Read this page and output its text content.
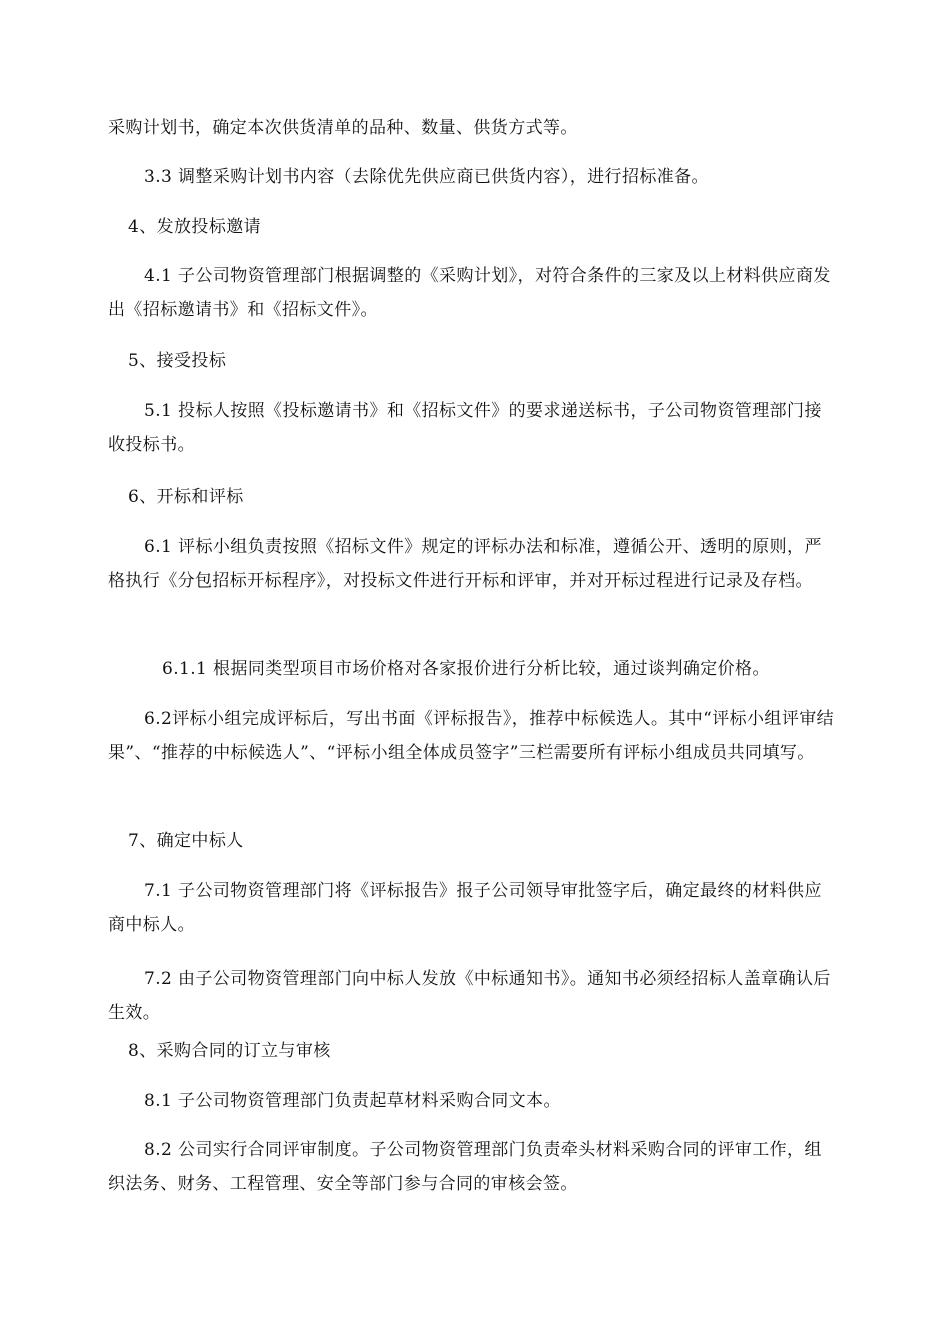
采购计划书，确定本次供货清单的品种、数量、供货方式等。

3.3 调整采购计划书内容（去除优先供应商已供货内容），进行招标准备。

4、发放投标邀请

4.1 子公司物资管理部门根据调整的《采购计划》，对符合条件的三家及以上材料供应商发出《招标邀请书》和《招标文件》。

5、接受投标

5.1 投标人按照《投标邀请书》和《招标文件》的要求递送标书，子公司物资管理部门接收投标书。

6、开标和评标

6.1 评标小组负责按照《招标文件》规定的评标办法和标准，遵循公开、透明的原则，严格执行《分包招标开标程序》，对投标文件进行开标和评审，并对开标过程进行记录及存档。

6.1.1 根据同类型项目市场价格对各家报价进行分析比较，通过谈判确定价格。

6.2评标小组完成评标后，写出书面《评标报告》，推荐中标候选人。其中“评标小组评审结果”、“推荐的中标候选人”、“评标小组全体成员签字”三栏需要所有评标小组成员共同填写。

7、确定中标人

7.1 子公司物资管理部门将《评标报告》报子公司领导审批签字后，确定最终的材料供应商中标人。

7.2 由子公司物资管理部门向中标人发放《中标通知书》。通知书必须经招标人盖章确认后生效。

8、采购合同的订立与审核

8.1 子公司物资管理部门负责起草材料采购合同文本。

8.2 公司实行合同评审制度。子公司物资管理部门负责牵头材料采购合同的评审工作，组织法务、财务、工程管理、安全等部门参与合同的审核会签。
